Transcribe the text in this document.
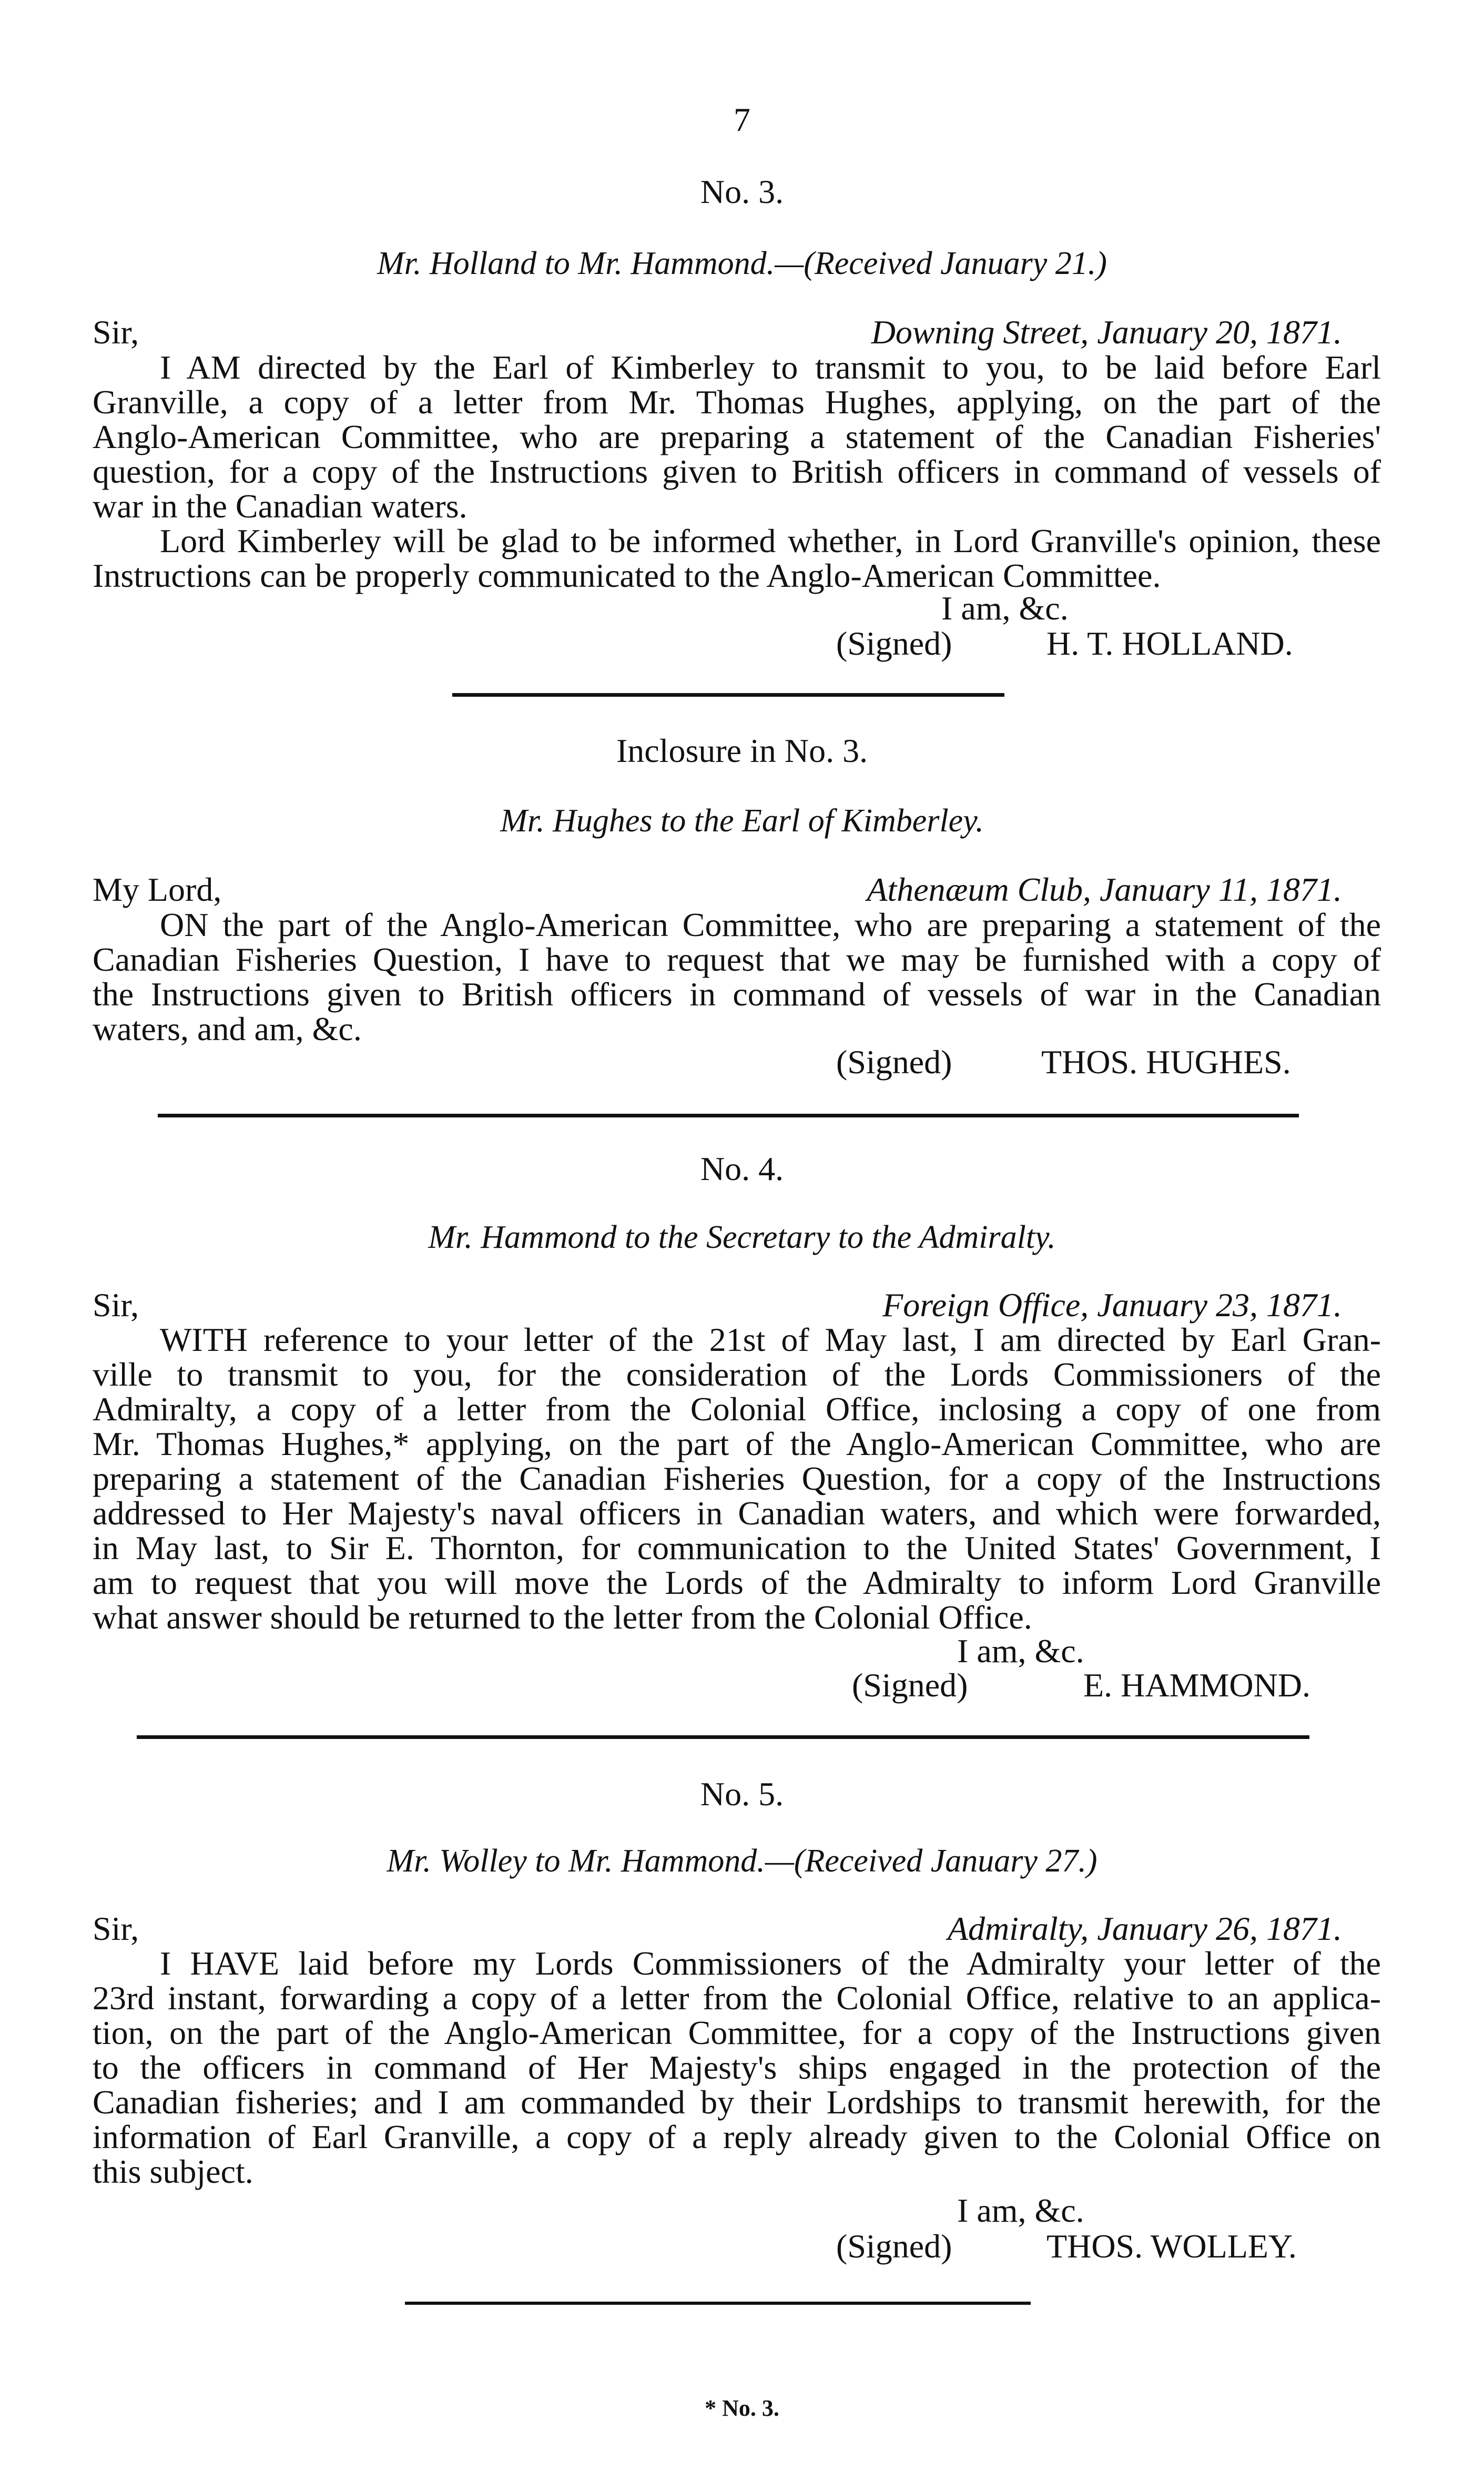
7
No. 3.
Mr. Holland to Mr. Hammond.—(Received January 21.)
Sir,	Downing Street, January 20, 1871.
I AM directed by the Earl of Kimberley to transmit to you, to be laid before Earl
Granville, a copy of a letter from Mr. Thomas Hughes, applying, on the part of the
Anglo-American Committee, who are preparing a statement of the Canadian Fisheries'
question, for a copy of the Instructions given to British officers in command of vessels of
war in the Canadian waters.
Lord Kimberley will be glad to be informed whether, in Lord Granville's opinion, these
Instructions can be properly communicated to the Anglo-American Committee.
I am, &c.
(Signed)	H. T. HOLLAND.
Inclosure in No. 3.
Mr. Hughes to the Earl of Kimberley.
My Lord,	Athenæum Club, January 11, 1871.
ON the part of the Anglo-American Committee, who are preparing a statement of the
Canadian Fisheries Question, I have to request that we may be furnished with a copy of
the Instructions given to British officers in command of vessels of war in the Canadian
waters, and am, &c.
(Signed)	THOS. HUGHES.
No. 4.
Mr. Hammond to the Secretary to the Admiralty.
Sir,	Foreign Office, January 23, 1871.
WITH reference to your letter of the 21st of May last, I am directed by Earl Gran-
ville to transmit to you, for the consideration of the Lords Commissioners of the
Admiralty, a copy of a letter from the Colonial Office, inclosing a copy of one from
Mr. Thomas Hughes,* applying, on the part of the Anglo-American Committee, who are
preparing a statement of the Canadian Fisheries Question, for a copy of the Instructions
addressed to Her Majesty's naval officers in Canadian waters, and which were forwarded,
in May last, to Sir E. Thornton, for communication to the United States' Government, I
am to request that you will move the Lords of the Admiralty to inform Lord Granville
what answer should be returned to the letter from the Colonial Office.
I am, &c.
(Signed)	E. HAMMOND.
No. 5.
Mr. Wolley to Mr. Hammond.—(Received January 27.)
Sir,	Admiralty, January 26, 1871.
I HAVE laid before my Lords Commissioners of the Admiralty your letter of the
23rd instant, forwarding a copy of a letter from the Colonial Office, relative to an applica-
tion, on the part of the Anglo-American Committee, for a copy of the Instructions given
to the officers in command of Her Majesty's ships engaged in the protection of the
Canadian fisheries; and I am commanded by their Lordships to transmit herewith, for the
information of Earl Granville, a copy of a reply already given to the Colonial Office on
this subject.
I am, &c.
(Signed)	THOS. WOLLEY.
* No. 3.
